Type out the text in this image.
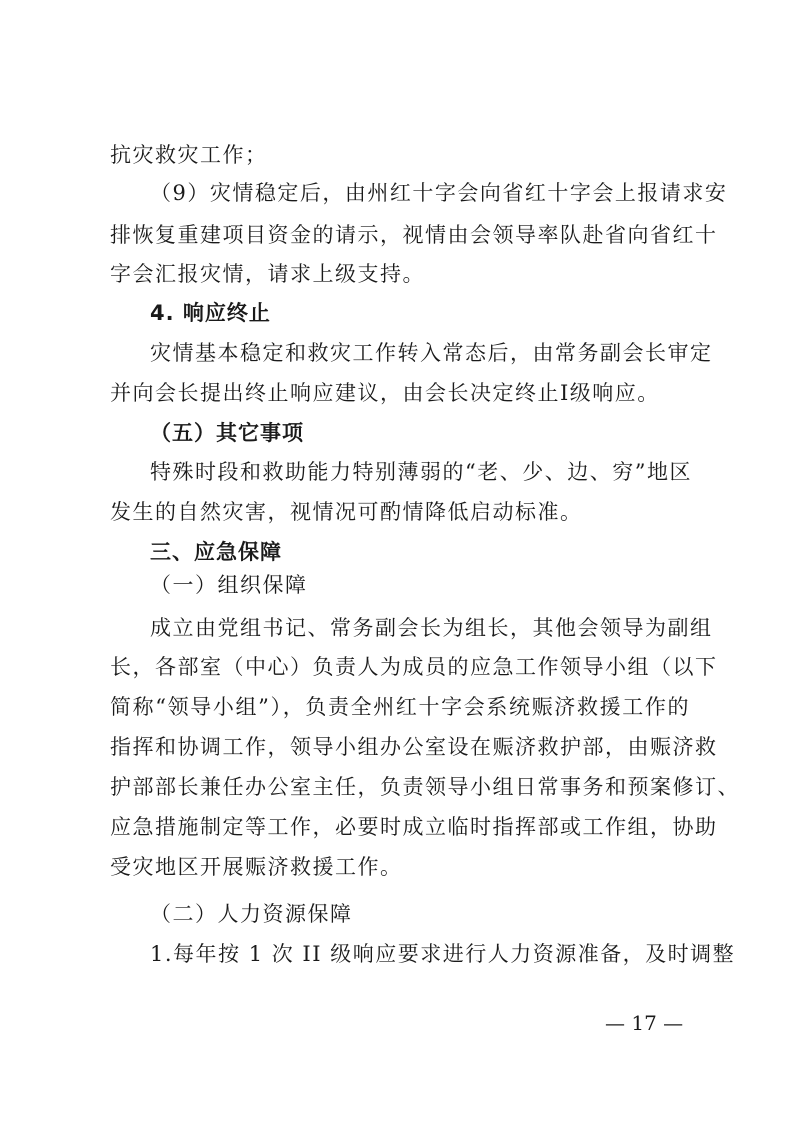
抗灾救灾工作；
（9）灾情稳定后，由州红十字会向省红十字会上报请求安
排恢复重建项目资金的请示，视情由会领导率队赴省向省红十
字会汇报灾情，请求上级支持。
4. 响应终止
灾情基本稳定和救灾工作转入常态后，由常务副会长审定
并向会长提出终止响应建议，由会长决定终止Ⅰ级响应。
（五）其它事项
特殊时段和救助能力特别薄弱的“老、少、边、穷”地区
发生的自然灾害，视情况可酌情降低启动标准。
三、应急保障
（一）组织保障
成立由党组书记、常务副会长为组长，其他会领导为副组
长，各部室（中心）负责人为成员的应急工作领导小组（以下
简称“领导小组”），负责全州红十字会系统赈济救援工作的
指挥和协调工作，领导小组办公室设在赈济救护部，由赈济救
护部部长兼任办公室主任，负责领导小组日常事务和预案修订、
应急措施制定等工作，必要时成立临时指挥部或工作组，协助
受灾地区开展赈济救援工作。
（二）人力资源保障
1.每年按 1 次 II 级响应要求进行人力资源准备，及时调整
— 17 —
